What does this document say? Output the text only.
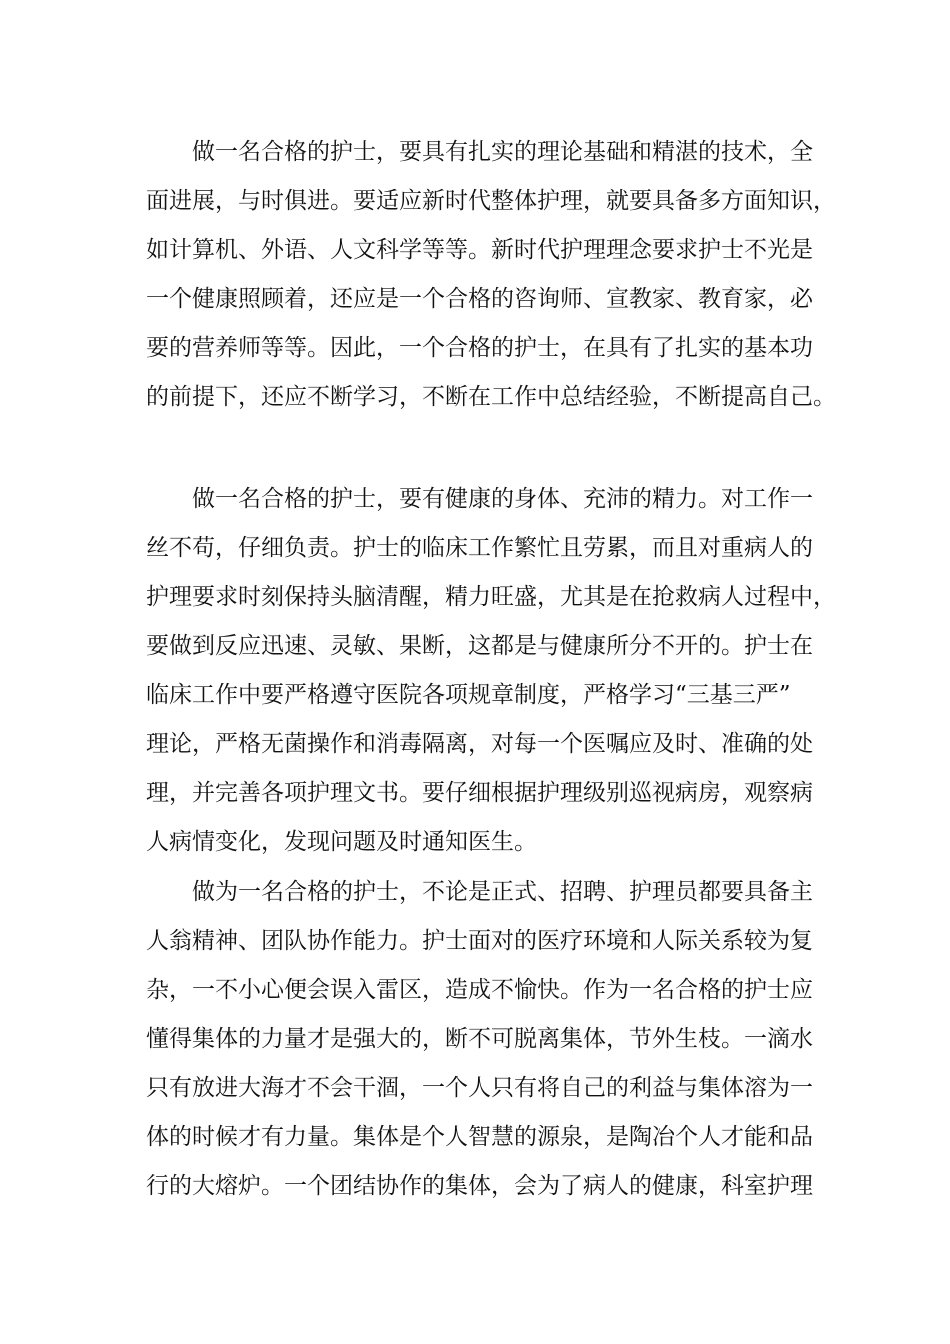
做一名合格的护士，要具有扎实的理论基础和精湛的技术，全
面进展，与时俱进。要适应新时代整体护理，就要具备多方面知识，
如计算机、外语、人文科学等等。新时代护理理念要求护士不光是
一个健康照顾着，还应是一个合格的咨询师、宣教家、教育家，必
要的营养师等等。因此，一个合格的护士，在具有了扎实的基本功
的前提下，还应不断学习，不断在工作中总结经验，不断提高自己。
做一名合格的护士，要有健康的身体、充沛的精力。对工作一
丝不苟，仔细负责。护士的临床工作繁忙且劳累，而且对重病人的
护理要求时刻保持头脑清醒，精力旺盛，尤其是在抢救病人过程中，
要做到反应迅速、灵敏、果断，这都是与健康所分不开的。护士在
临床工作中要严格遵守医院各项规章制度，严格学习“三基三严”
理论，严格无菌操作和消毒隔离，对每一个医嘱应及时、准确的处
理，并完善各项护理文书。要仔细根据护理级别巡视病房，观察病
人病情变化，发现问题及时通知医生。
做为一名合格的护士，不论是正式、招聘、护理员都要具备主
人翁精神、团队协作能力。护士面对的医疗环境和人际关系较为复
杂，一不小心便会误入雷区，造成不愉快。作为一名合格的护士应
懂得集体的力量才是强大的，断不可脱离集体，节外生枝。一滴水
只有放进大海才不会干涸，一个人只有将自己的利益与集体溶为一
体的时候才有力量。集体是个人智慧的源泉，是陶冶个人才能和品
行的大熔炉。一个团结协作的集体，会为了病人的健康，科室护理
